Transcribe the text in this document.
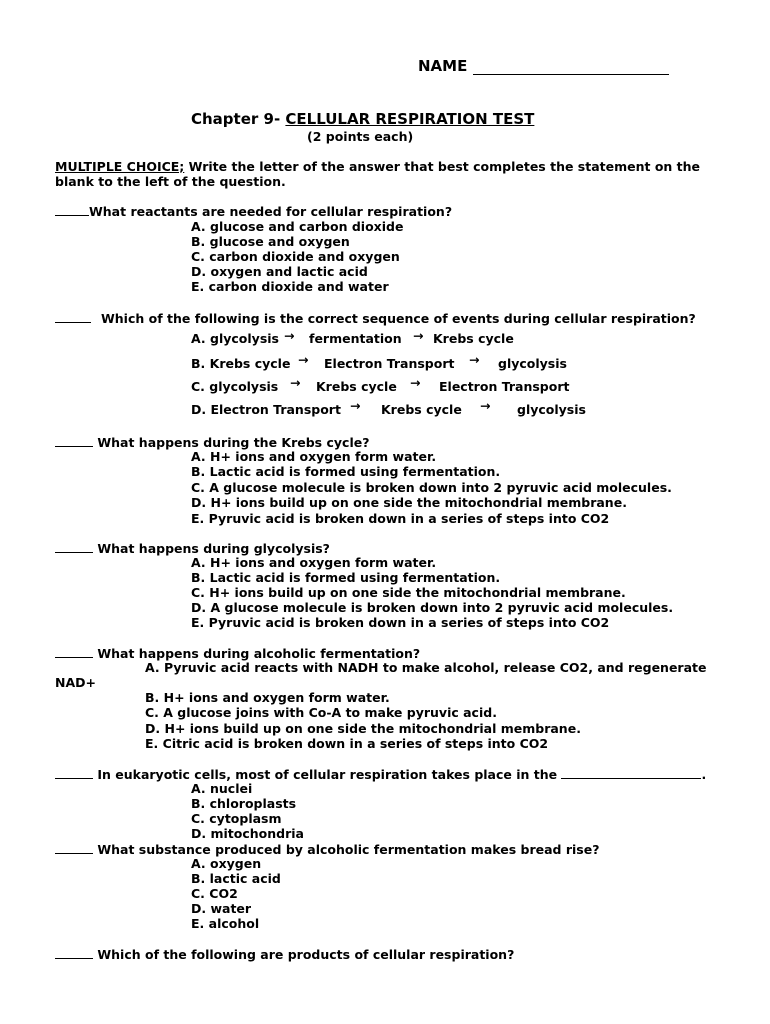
NAME
Chapter 9- CELLULAR RESPIRATION TEST
(2 points each)
MULTIPLE CHOICE; Write the letter of the answer that best completes the statement on the blank to the left of the question.
What reactants are needed for cellular respiration?
A. glucose and carbon dioxide
B. glucose and oxygen
C. carbon dioxide and oxygen
D. oxygen and lactic acid
E. carbon dioxide and water
Which of the following is the correct sequence of events during cellular respiration?
A. glycolysis → fermentation → Krebs cycle
B. Krebs cycle → Electron Transport → glycolysis
C. glycolysis → Krebs cycle → Electron Transport
D. Electron Transport → Krebs cycle → glycolysis
What happens during the Krebs cycle?
A. H+ ions and oxygen form water.
B. Lactic acid is formed using fermentation.
C. A glucose molecule is broken down into 2 pyruvic acid molecules.
D. H+ ions build up on one side the mitochondrial membrane.
E. Pyruvic acid is broken down in a series of steps into CO2
What happens during glycolysis?
A. H+ ions and oxygen form water.
B. Lactic acid is formed using fermentation.
C. H+ ions build up on one side the mitochondrial membrane.
D. A glucose molecule is broken down into 2 pyruvic acid molecules.
E. Pyruvic acid is broken down in a series of steps into CO2
What happens during alcoholic fermentation?
A. Pyruvic acid reacts with NADH to make alcohol, release CO2, and regenerate
NAD+
B. H+ ions and oxygen form water.
C. A glucose joins with Co-A to make pyruvic acid.
D. H+ ions build up on one side the mitochondrial membrane.
E. Citric acid is broken down in a series of steps into CO2
In eukaryotic cells, most of cellular respiration takes place in the	.
A. nuclei
B. chloroplasts
C. cytoplasm
D. mitochondria
What substance produced by alcoholic fermentation makes bread rise?
A. oxygen
B. lactic acid
C. CO2
D. water
E. alcohol
Which of the following are products of cellular respiration?
